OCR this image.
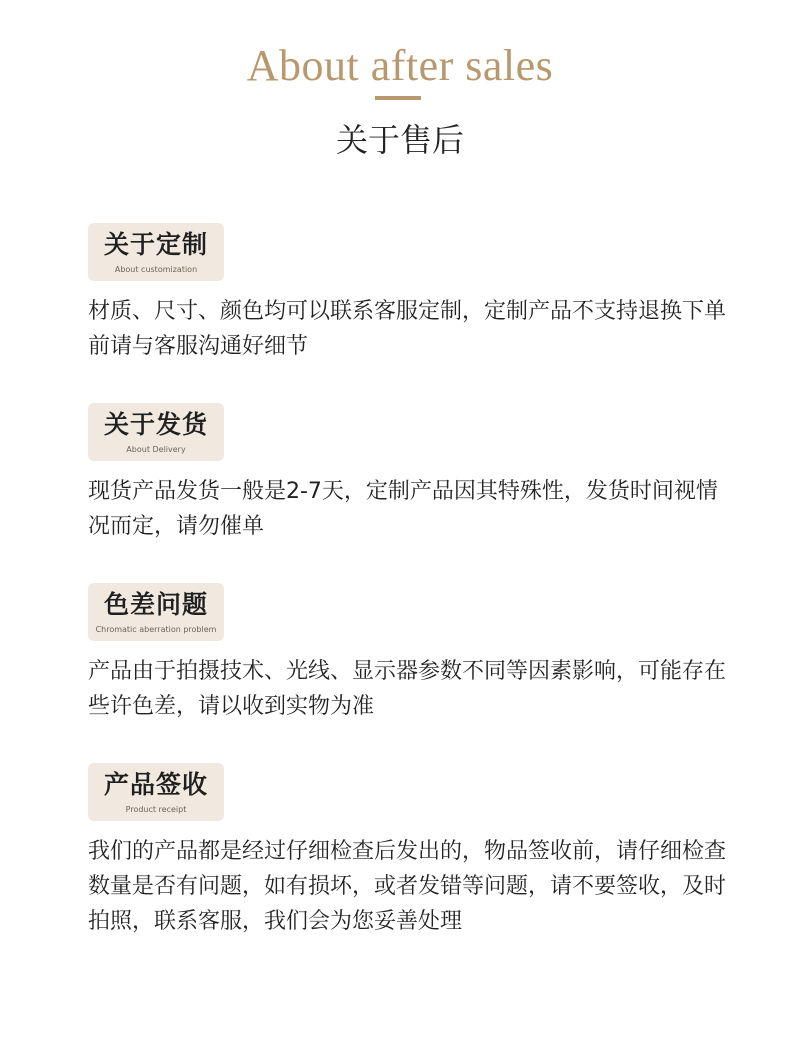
About after sales
关于售后
关于定制
About customization
材质、尺寸、颜色均可以联系客服定制，定制产品不支持退换下单前请与客服沟通好细节
关于发货
About Delivery
现货产品发货一般是2-7天，定制产品因其特殊性，发货时间视情况而定，请勿催单
色差问题
Chromatic aberration problem
产品由于拍摄技术、光线、显示器参数不同等因素影响，可能存在些许色差，请以收到实物为准
产品签收
Product receipt
我们的产品都是经过仔细检查后发出的，物品签收前，请仔细检查数量是否有问题，如有损坏，或者发错等问题，请不要签收，及时拍照，联系客服，我们会为您妥善处理
